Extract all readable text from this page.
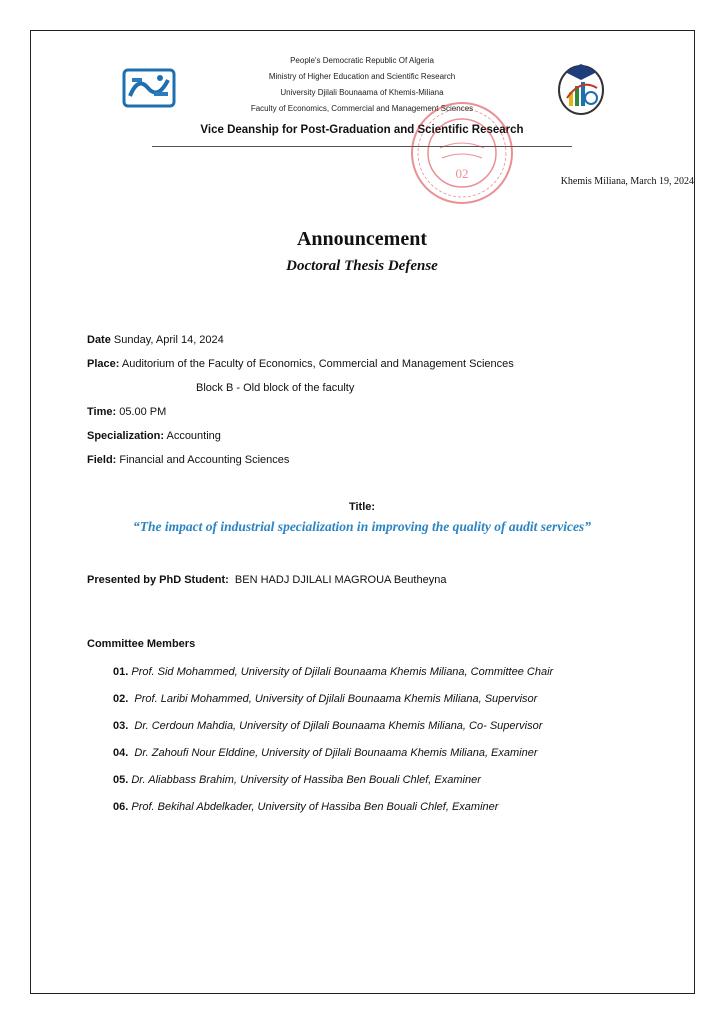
People's Democratic Republic Of Algeria
Ministry of Higher Education and Scientific Research
University Djilali Bounaama of Khemis-Miliana
Faculty of Economics, Commercial and Management Sciences
Vice Deanship for Post-Graduation and Scientific Research
02
Khemis Miliana, March 19, 2024
Announcement
Doctoral Thesis Defense
Date Sunday, April 14, 2024
Place: Auditorium of the Faculty of Economics, Commercial and Management Sciences
Block B - Old block of the faculty
Time: 05.00 PM
Specialization: Accounting
Field: Financial and Accounting Sciences
Title:
“The impact of industrial specialization in improving the quality of audit services”
Presented by PhD Student: BEN HADJ DJILALI MAGROUA Beutheyna
Committee Members
01. Prof. Sid Mohammed, University of Djilali Bounaama Khemis Miliana, Committee Chair
02. Prof. Laribi Mohammed, University of Djilali Bounaama Khemis Miliana, Supervisor
03. Dr. Cerdoun Mahdia, University of Djilali Bounaama Khemis Miliana, Co- Supervisor
04. Dr. Zahoufi Nour Elddine, University of Djilali Bounaama Khemis Miliana, Examiner
05. Dr. Aliabbass Brahim, University of Hassiba Ben Bouali Chlef, Examiner
06. Prof. Bekihal Abdelkader, University of Hassiba Ben Bouali Chlef, Examiner
